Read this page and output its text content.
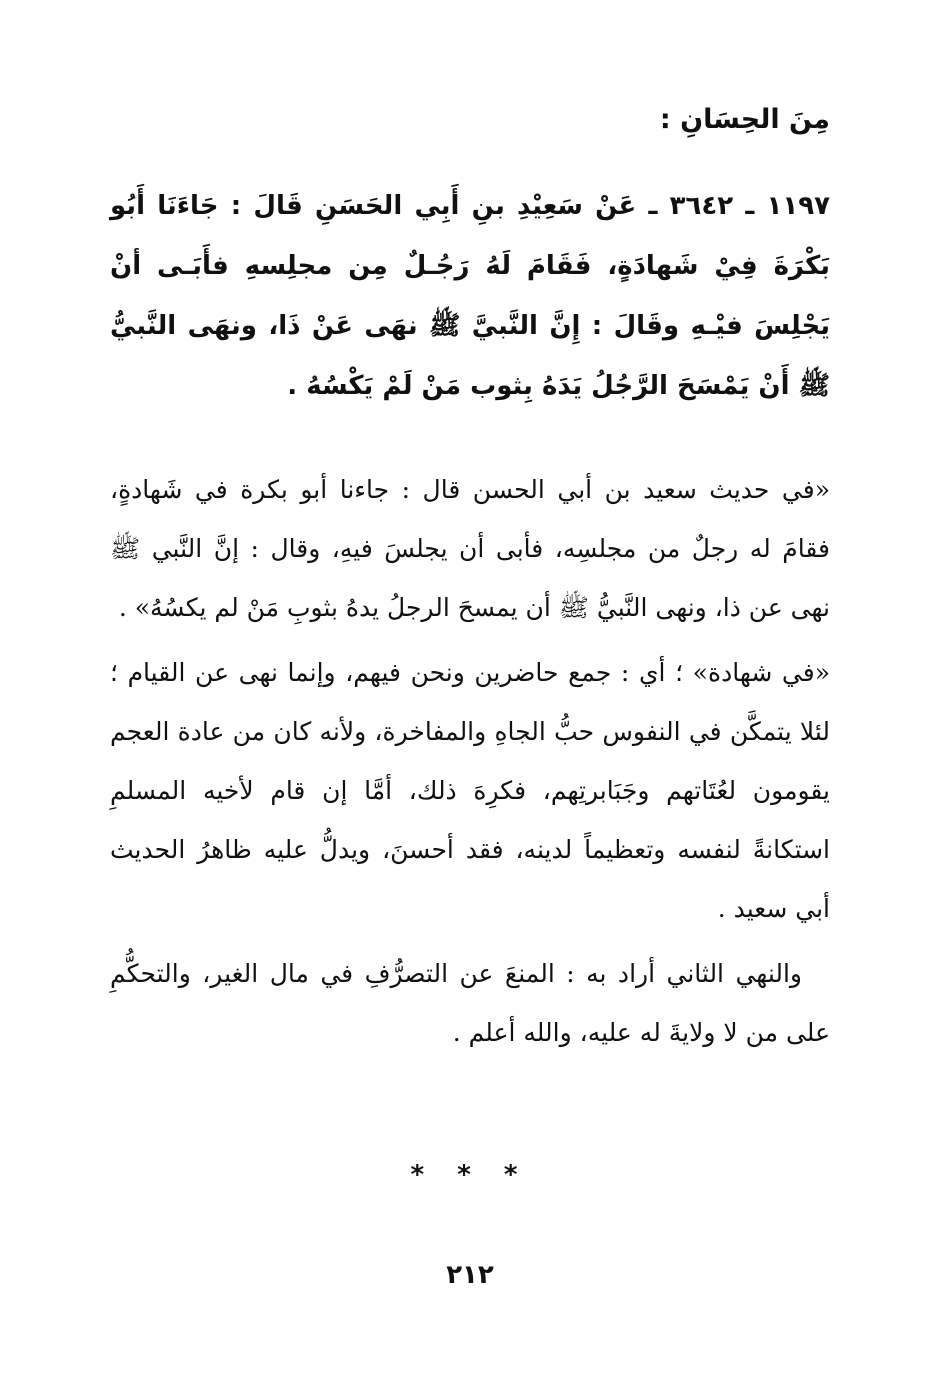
مِنَ الحِسَانِ :

١١٩٧ ـ ٣٦٤٢ ـ عَنْ سَعِيْدِ بنِ أَبِي الحَسَنِ قَالَ : جَاءَنَا أَبُو بَكْرَةَ فِيْ شَهادَةٍ، فَقَامَ لَهُ رَجُـلٌ مِن مجلِسهِ فأَبَـى أنْ يَجْلِسَ فيْـهِ وقَالَ : إِنَّ النَّبيَّ ﷺ نهَى عَنْ ذَا، ونهَى النَّبيُّ ﷺ أَنْ يَمْسَحَ الرَّجُلُ يَدَهُ بِثوب مَنْ لَمْ يَكْسُهُ .

«في حديث سعيد بن أبي الحسن قال : جاءنا أبو بكرة في شَهادةٍ، فقامَ له رجلٌ من مجلسِه، فأبى أن يجلسَ فيهِ، وقال : إنَّ النَّبي ﷺ نهى عن ذا، ونهى النَّبيُّ ﷺ أن يمسحَ الرجلُ يدهُ بثوبِ مَنْ لم يكسُهُ» .

«في شهادة» ؛ أي : جمع حاضرين ونحن فيهم، وإنما نهى عن القيام ؛ لئلا يتمكَّن في النفوس حبُّ الجاهِ والمفاخرة، ولأنه كان من عادة العجم يقومون لعُتَاتهم وجَبَابرتِهم، فكرِهَ ذلك، أمَّا إن قام لأخيه المسلمِ استكانةً لنفسه وتعظيماً لدينه، فقد أحسنَ، ويدلُّ عليه ظاهرُ الحديث أبي سعيد .

والنهي الثاني أراد به : المنعَ عن التصرُّفِ في مال الغير، والتحكُّمِ على من لا ولايةَ له عليه، والله أعلم .

* * *
٢١٢
